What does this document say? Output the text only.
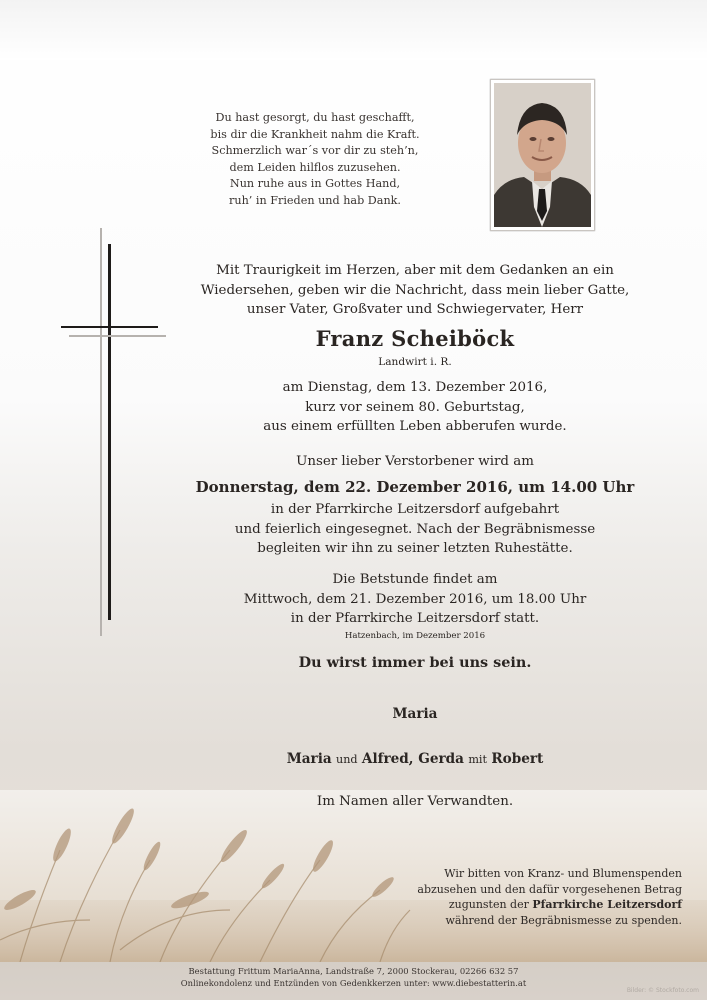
Du hast gesorgt, du hast geschafft,
bis dir die Krankheit nahm die Kraft.
Schmerzlich war´s vor dir zu steh’n,
dem Leiden hilflos zuzusehen.
Nun ruhe aus in Gottes Hand,
ruh’ in Frieden und hab Dank.
Mit Traurigkeit im Herzen, aber mit dem Gedanken an ein
Wiedersehen, geben wir die Nachricht, dass mein lieber Gatte,
unser Vater, Großvater und Schwiegervater, Herr
Franz Scheiböck
Landwirt i. R.
am Dienstag, dem 13. Dezember 2016,
kurz vor seinem 80. Geburtstag,
aus einem erfüllten Leben abberufen wurde.
Unser lieber Verstorbener wird am
Donnerstag, dem 22. Dezember 2016, um 14.00 Uhr
in der Pfarrkirche Leitzersdorf aufgebahrt
und feierlich eingesegnet. Nach der Begräbnismesse
begleiten wir ihn zu seiner letzten Ruhestätte.
Die Betstunde findet am
Mittwoch, dem 21. Dezember 2016, um 18.00 Uhr
in der Pfarrkirche Leitzersdorf statt.
Hatzenbach, im Dezember 2016
Du wirst immer bei uns sein.
Maria
Maria und Alfred, Gerda mit Robert
Im Namen aller Verwandten.
Wir bitten von Kranz- und Blumenspenden
abzusehen und den dafür vorgesehenen Betrag
zugunsten der Pfarrkirche Leitzersdorf
während der Begräbnismesse zu spenden.
Bestattung Frittum MariaAnna, Landstraße 7, 2000 Stockerau, 02266 632 57
Onlinekondolenz und Entzünden von Gedenkkerzen unter: www.diebestatterin.at
Bilder: © Stockfoto.com
